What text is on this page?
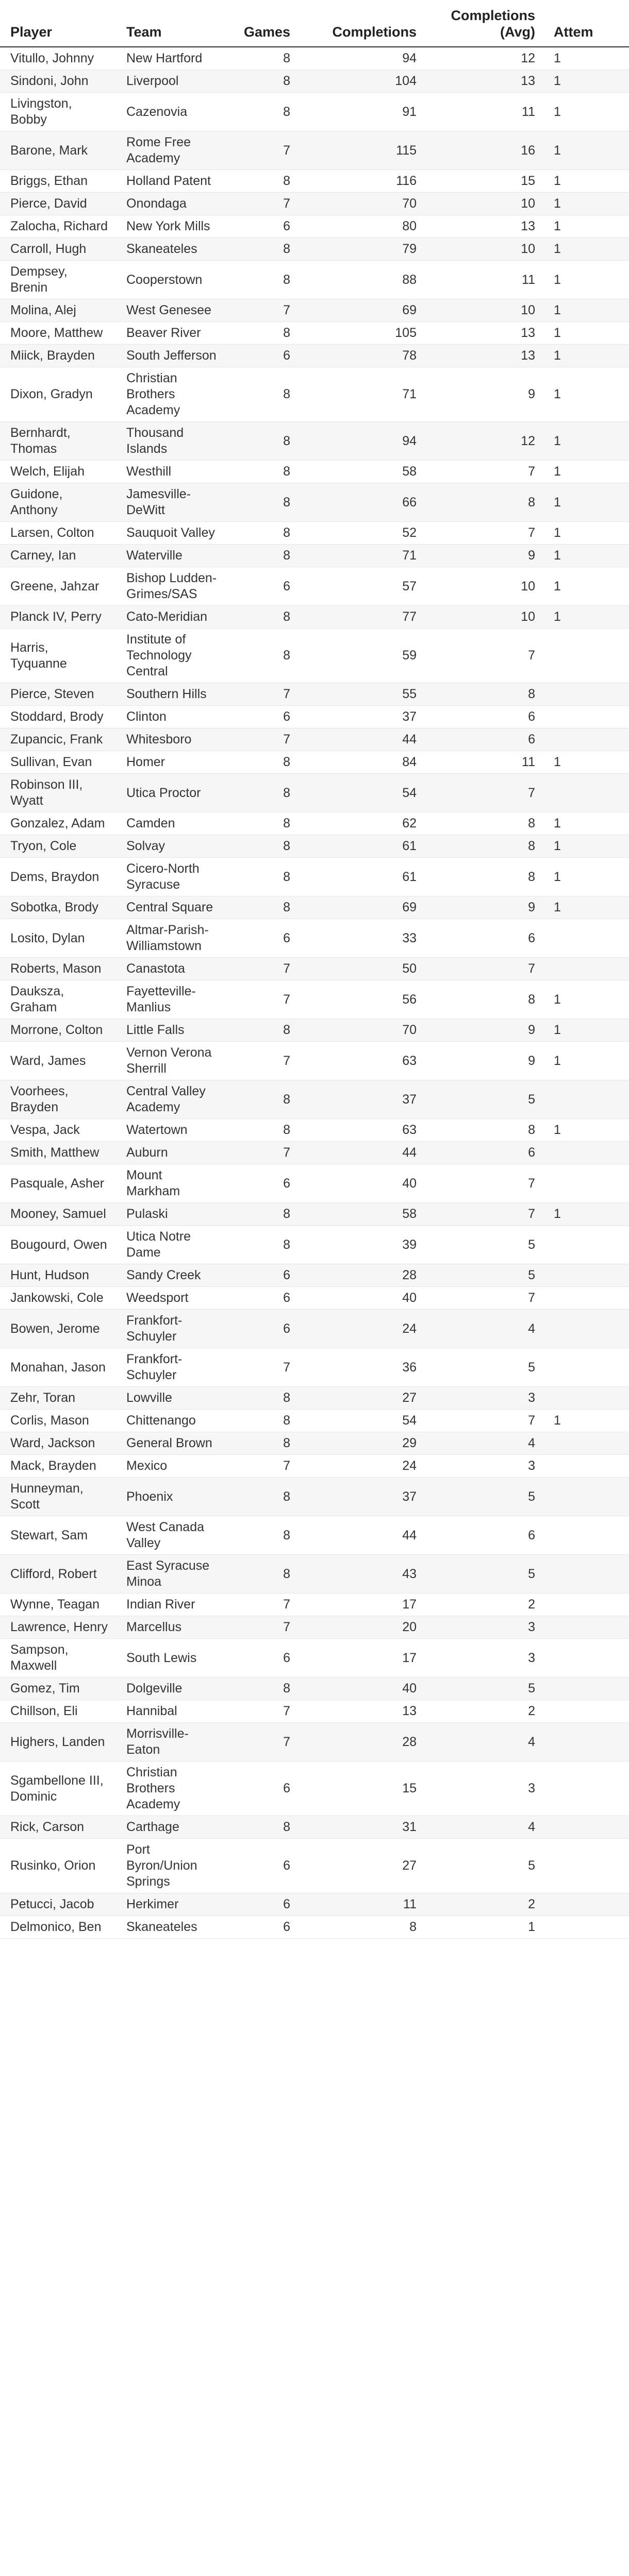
Player	Team	Games	Completions	Completions (Avg)	Attem
Vitullo, Johnny	New Hartford	8	94	12	1
Sindoni, John	Liverpool	8	104	13	1
Livingston, Bobby	Cazenovia	8	91	11	1
Barone, Mark	Rome Free Academy	7	115	16	1
Briggs, Ethan	Holland Patent	8	116	15	1
Pierce, David	Onondaga	7	70	10	1
Zalocha, Richard	New York Mills	6	80	13	1
Carroll, Hugh	Skaneateles	8	79	10	1
Dempsey, Brenin	Cooperstown	8	88	11	1
Molina, Alej	West Genesee	7	69	10	1
Moore, Matthew	Beaver River	8	105	13	1
Miick, Brayden	South Jefferson	6	78	13	1
Dixon, Gradyn	Christian Brothers Academy	8	71	9	1
Bernhardt, Thomas	Thousand Islands	8	94	12	1
Welch, Elijah	Westhill	8	58	7	1
Guidone, Anthony	Jamesville-DeWitt	8	66	8	1
Larsen, Colton	Sauquoit Valley	8	52	7	1
Carney, Ian	Waterville	8	71	9	1
Greene, Jahzar	Bishop Ludden-Grimes/SAS	6	57	10	1
Planck IV, Perry	Cato-Meridian	8	77	10	1
Harris, Tyquanne	Institute of Technology Central	8	59	7	
Pierce, Steven	Southern Hills	7	55	8	
Stoddard, Brody	Clinton	6	37	6	
Zupancic, Frank	Whitesboro	7	44	6	
Sullivan, Evan	Homer	8	84	11	1
Robinson III, Wyatt	Utica Proctor	8	54	7	
Gonzalez, Adam	Camden	8	62	8	1
Tryon, Cole	Solvay	8	61	8	1
Dems, Braydon	Cicero-North Syracuse	8	61	8	1
Sobotka, Brody	Central Square	8	69	9	1
Losito, Dylan	Altmar-Parish-Williamstown	6	33	6	
Roberts, Mason	Canastota	7	50	7	
Dauksza, Graham	Fayetteville-Manlius	7	56	8	1
Morrone, Colton	Little Falls	8	70	9	1
Ward, James	Vernon Verona Sherrill	7	63	9	1
Voorhees, Brayden	Central Valley Academy	8	37	5	
Vespa, Jack	Watertown	8	63	8	1
Smith, Matthew	Auburn	7	44	6	
Pasquale, Asher	Mount Markham	6	40	7	
Mooney, Samuel	Pulaski	8	58	7	1
Bougourd, Owen	Utica Notre Dame	8	39	5	
Hunt, Hudson	Sandy Creek	6	28	5	
Jankowski, Cole	Weedsport	6	40	7	
Bowen, Jerome	Frankfort-Schuyler	6	24	4	
Monahan, Jason	Frankfort-Schuyler	7	36	5	
Zehr, Toran	Lowville	8	27	3	
Corlis, Mason	Chittenango	8	54	7	1
Ward, Jackson	General Brown	8	29	4	
Mack, Brayden	Mexico	7	24	3	
Hunneyman, Scott	Phoenix	8	37	5	
Stewart, Sam	West Canada Valley	8	44	6	
Clifford, Robert	East Syracuse Minoa	8	43	5	
Wynne, Teagan	Indian River	7	17	2	
Lawrence, Henry	Marcellus	7	20	3	
Sampson, Maxwell	South Lewis	6	17	3	
Gomez, Tim	Dolgeville	8	40	5	
Chillson, Eli	Hannibal	7	13	2	
Highers, Landen	Morrisville-Eaton	7	28	4	
Sgambellone III, Dominic	Christian Brothers Academy	6	15	3	
Rick, Carson	Carthage	8	31	4	
Rusinko, Orion	Port Byron/Union Springs	6	27	5	
Petucci, Jacob	Herkimer	6	11	2	
Delmonico, Ben	Skaneateles	6	8	1	
